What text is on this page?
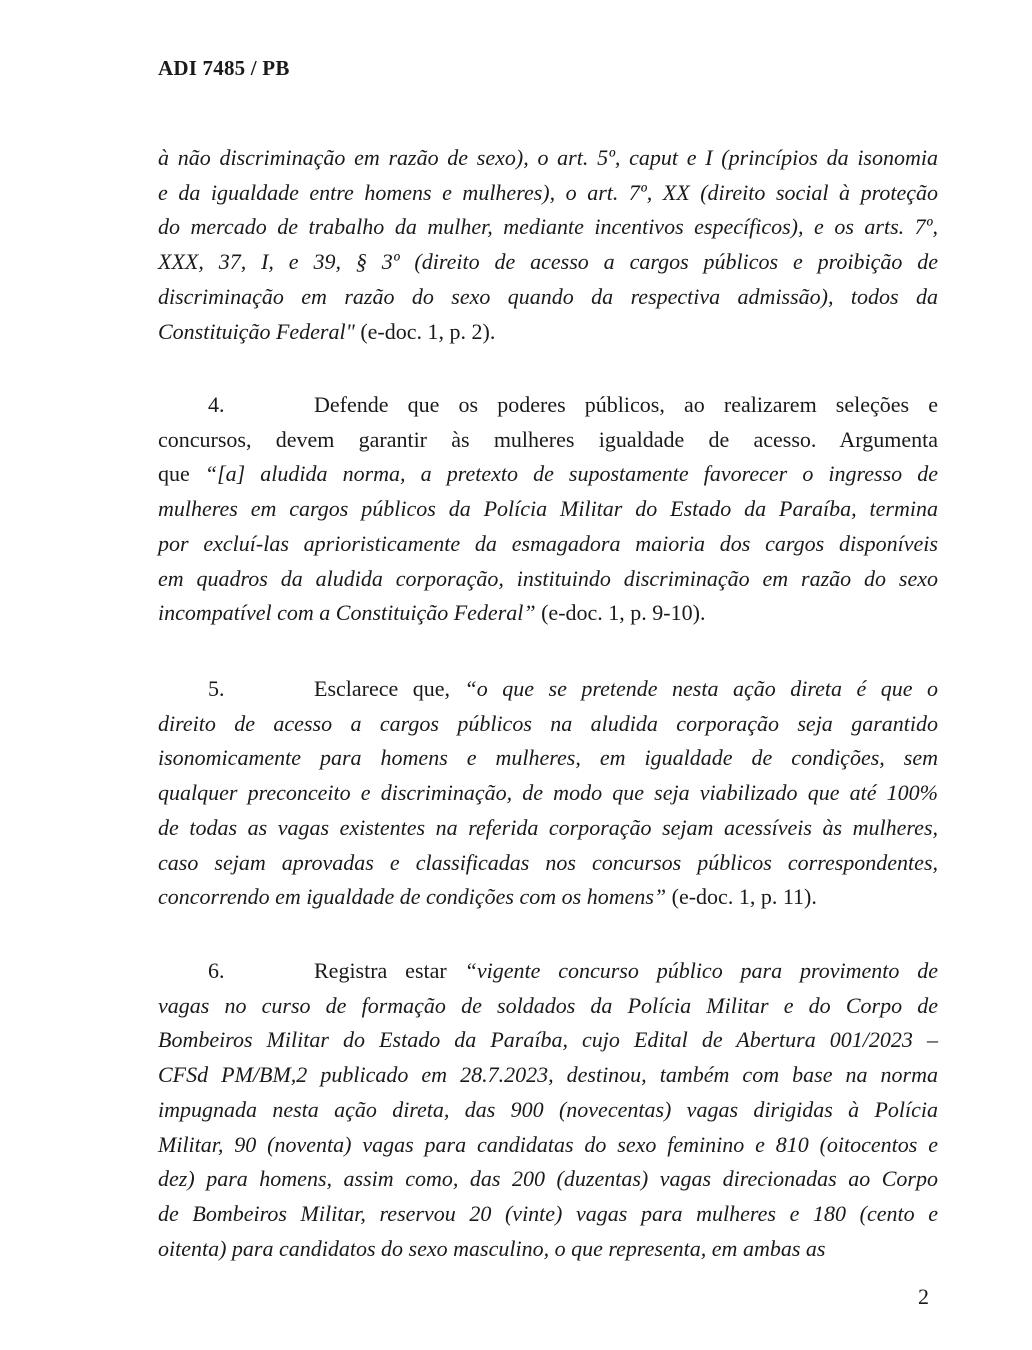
ADI 7485 / PB
à não discriminação em razão de sexo), o art. 5º, caput e I (princípios da isonomia
e da igualdade entre homens e mulheres), o art. 7º, XX (direito social à proteção
do mercado de trabalho da mulher, mediante incentivos específicos), e os arts. 7º,
XXX, 37, I, e 39, § 3º (direito de acesso a cargos públicos e proibição de
discriminação em razão do sexo quando da respectiva admissão), todos da
Constituição Federal" (e-doc. 1, p. 2).
4.	Defende que os poderes públicos, ao realizarem seleções e
concursos, devem garantir às mulheres igualdade de acesso. Argumenta
que “[a] aludida norma, a pretexto de supostamente favorecer o ingresso de
mulheres em cargos públicos da Polícia Militar do Estado da Paraíba, termina
por excluí-las aprioristicamente da esmagadora maioria dos cargos disponíveis
em quadros da aludida corporação, instituindo discriminação em razão do sexo
incompatível com a Constituição Federal” (e-doc. 1, p. 9-10).
5.	Esclarece que, “o que se pretende nesta ação direta é que o
direito de acesso a cargos públicos na aludida corporação seja garantido
isonomicamente para homens e mulheres, em igualdade de condições, sem
qualquer preconceito e discriminação, de modo que seja viabilizado que até 100%
de todas as vagas existentes na referida corporação sejam acessíveis às mulheres,
caso sejam aprovadas e classificadas nos concursos públicos correspondentes,
concorrendo em igualdade de condições com os homens” (e-doc. 1, p. 11).
6.	Registra estar “vigente concurso público para provimento de
vagas no curso de formação de soldados da Polícia Militar e do Corpo de
Bombeiros Militar do Estado da Paraíba, cujo Edital de Abertura 001/2023 –
CFSd PM/BM,2 publicado em 28.7.2023, destinou, também com base na norma
impugnada nesta ação direta, das 900 (novecentas) vagas dirigidas à Polícia
Militar, 90 (noventa) vagas para candidatas do sexo feminino e 810 (oitocentos e
dez) para homens, assim como, das 200 (duzentas) vagas direcionadas ao Corpo
de Bombeiros Militar, reservou 20 (vinte) vagas para mulheres e 180 (cento e
oitenta) para candidatos do sexo masculino, o que representa, em ambas as
2
